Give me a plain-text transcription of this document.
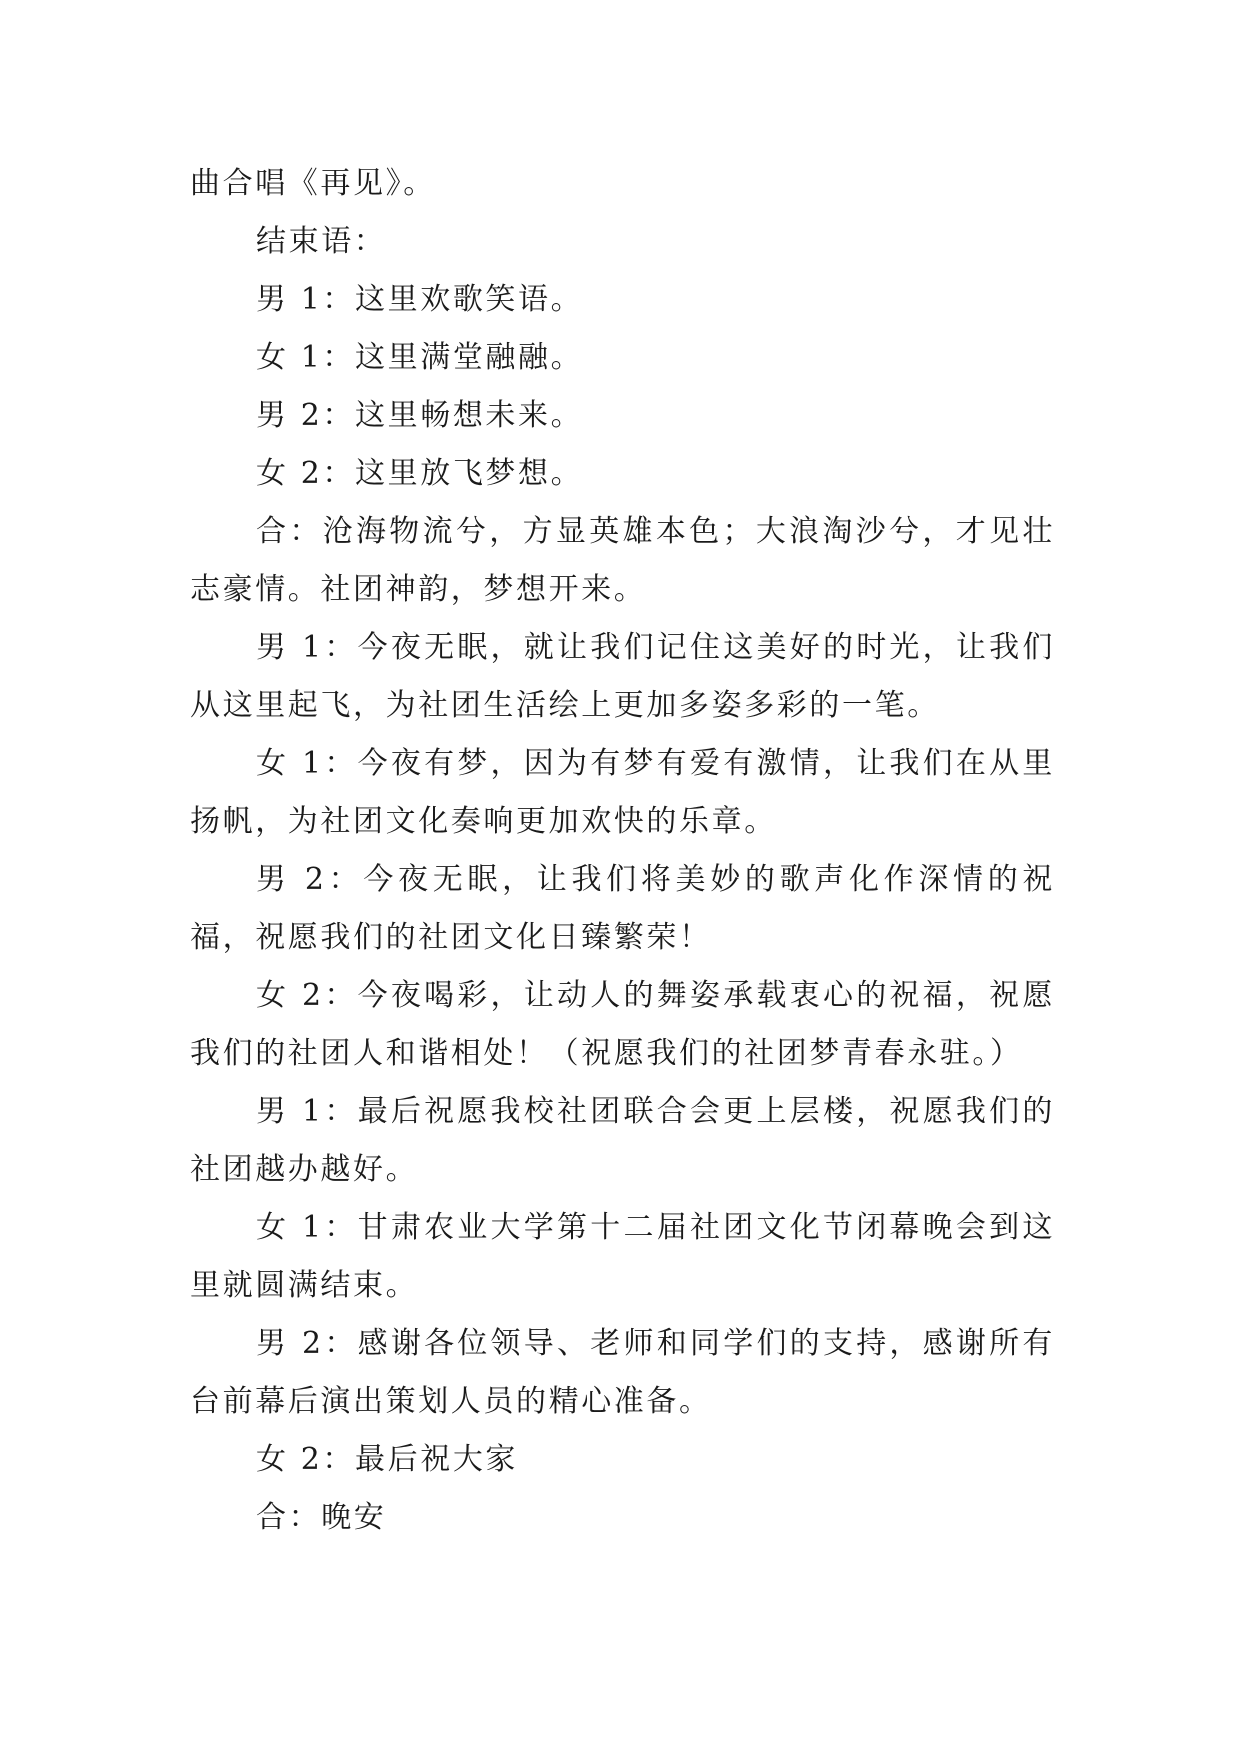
曲合唱《再见》。

结束语：

男 1：这里欢歌笑语。

女 1：这里满堂融融。

男 2：这里畅想未来。

女 2：这里放飞梦想。

合：沧海物流兮，方显英雄本色；大浪淘沙兮，才见壮志豪情。社团神韵，梦想开来。

男 1：今夜无眠，就让我们记住这美好的时光，让我们从这里起飞，为社团生活绘上更加多姿多彩的一笔。

女 1：今夜有梦，因为有梦有爱有激情，让我们在从里扬帆，为社团文化奏响更加欢快的乐章。

男 2：今夜无眠，让我们将美妙的歌声化作深情的祝福，祝愿我们的社团文化日臻繁荣！

女 2：今夜喝彩，让动人的舞姿承载衷心的祝福，祝愿我们的社团人和谐相处！（祝愿我们的社团梦青春永驻。）

男 1：最后祝愿我校社团联合会更上层楼，祝愿我们的社团越办越好。

女 1：甘肃农业大学第十二届社团文化节闭幕晚会到这里就圆满结束。

男 2：感谢各位领导、老师和同学们的支持，感谢所有台前幕后演出策划人员的精心准备。

女 2：最后祝大家

合：晚安
